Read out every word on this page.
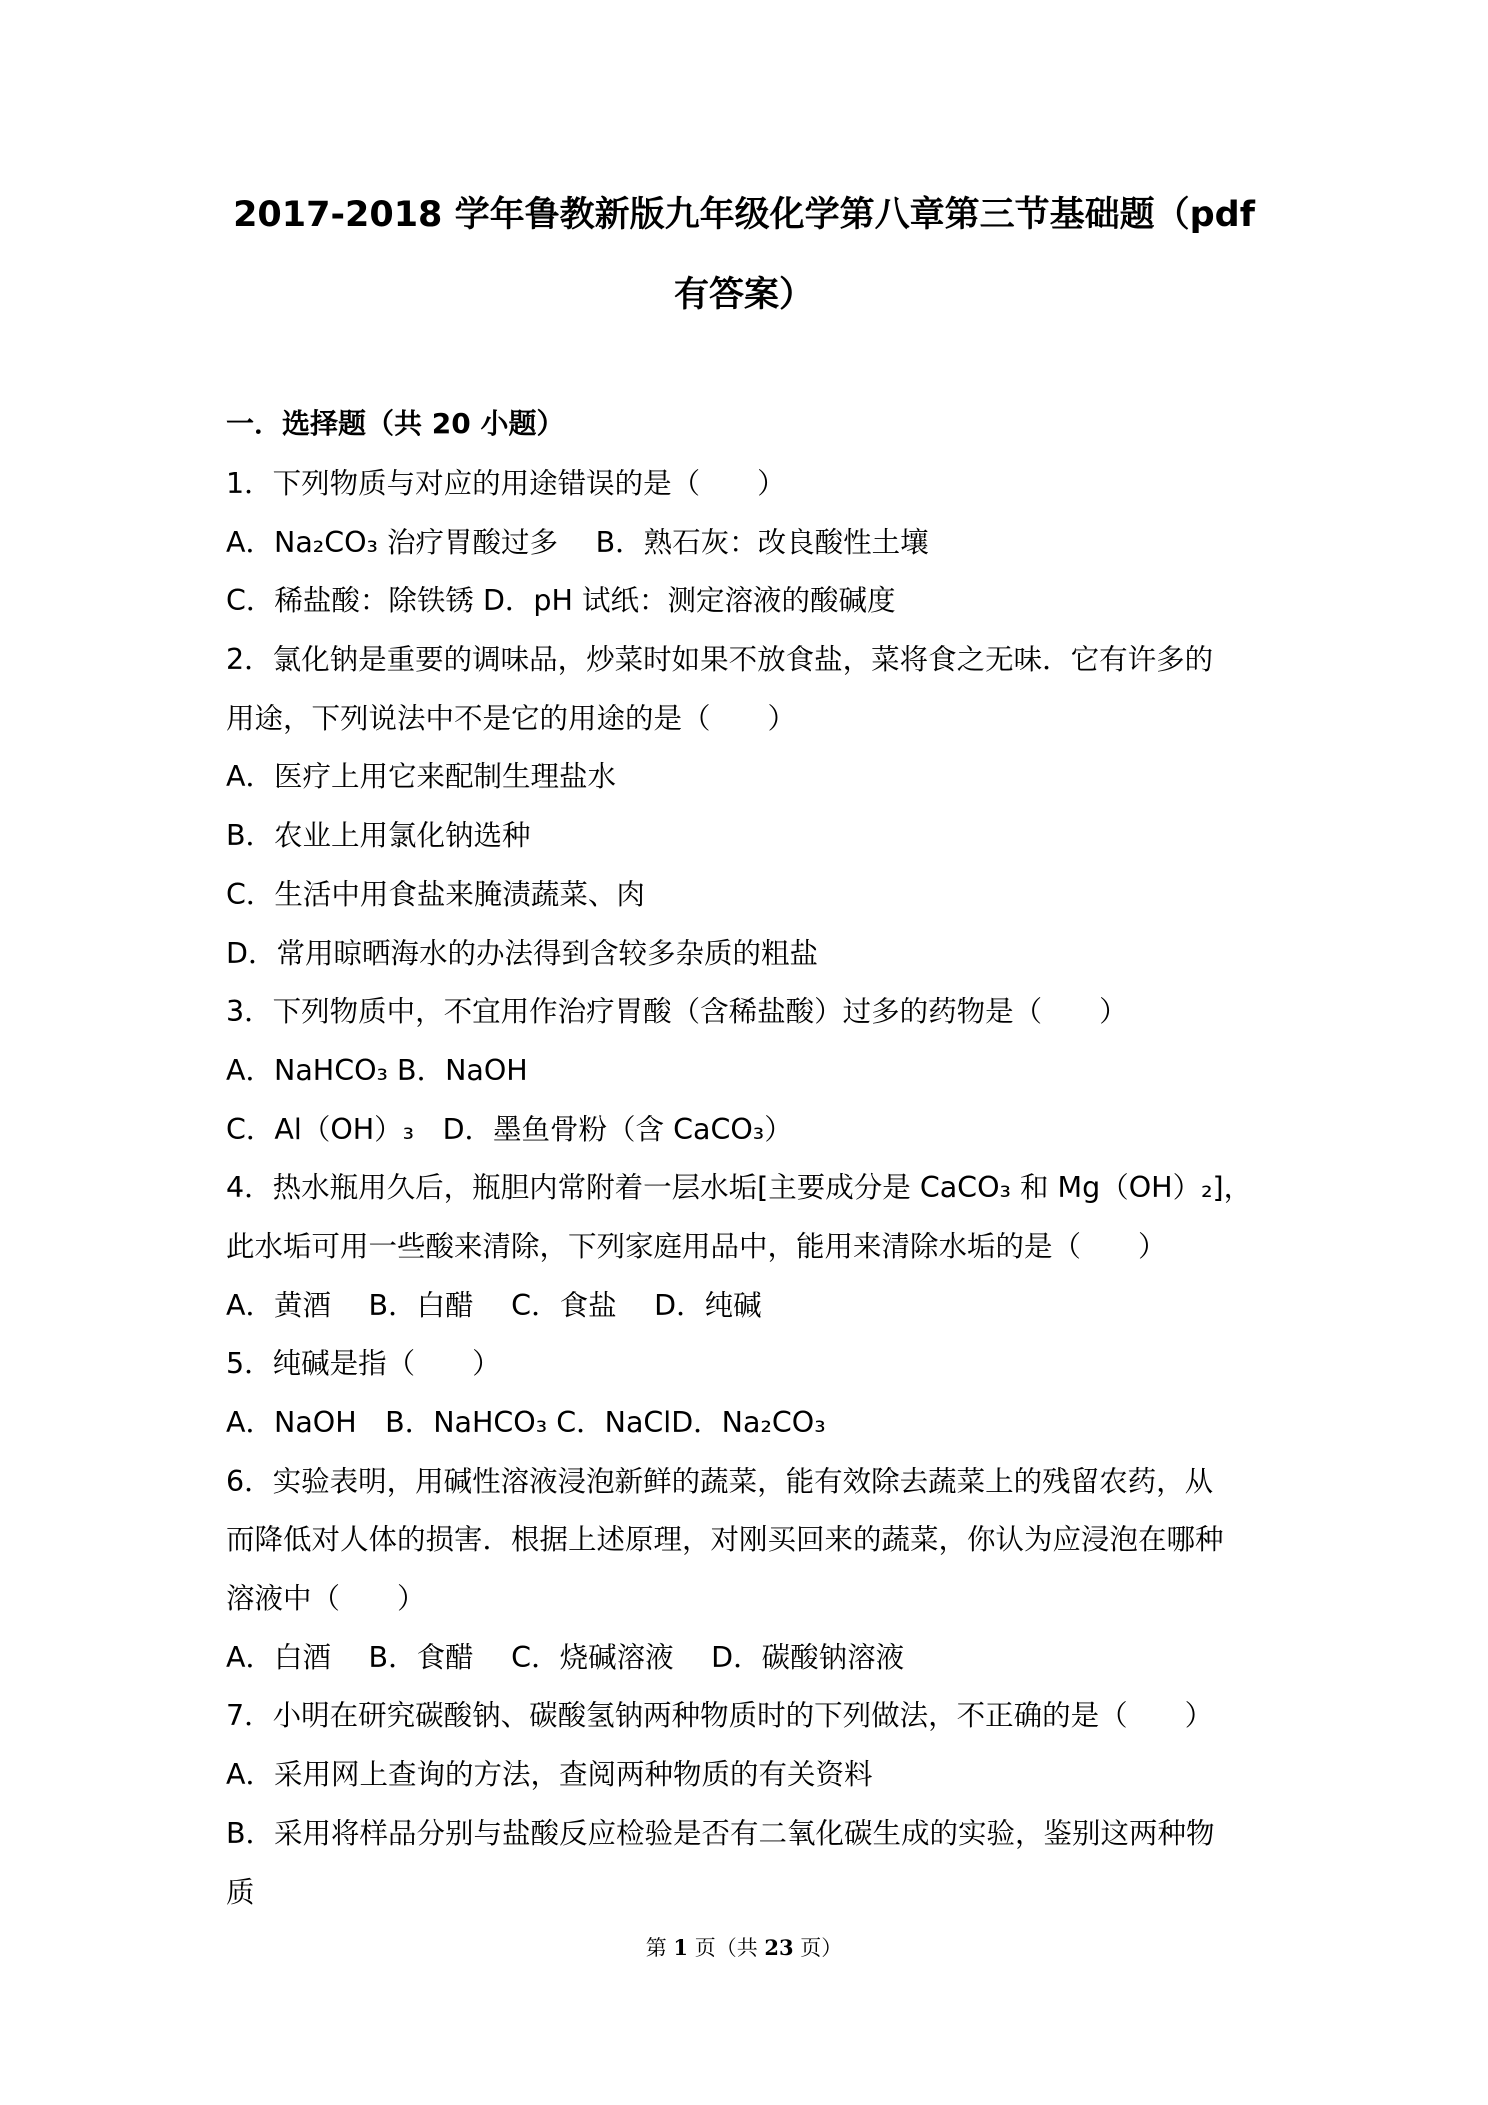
2017-2018 学年鲁教新版九年级化学第八章第三节基础题（pdf
有答案）
一．选择题（共 20 小题）
1．下列物质与对应的用途错误的是（　　）
A．Na₂CO₃ 治疗胃酸过多　 B．熟石灰：改良酸性土壤
C．稀盐酸：除铁锈 D．pH 试纸：测定溶液的酸碱度
2．氯化钠是重要的调味品，炒菜时如果不放食盐，菜将食之无味．它有许多的
用途，下列说法中不是它的用途的是（　　）
A．医疗上用它来配制生理盐水
B．农业上用氯化钠选种
C．生活中用食盐来腌渍蔬菜、肉
D．常用晾晒海水的办法得到含较多杂质的粗盐
3．下列物质中，不宜用作治疗胃酸（含稀盐酸）过多的药物是（　　）
A．NaHCO₃ B．NaOH
C．Al（OH）₃　D．墨鱼骨粉（含 CaCO₃）
4．热水瓶用久后，瓶胆内常附着一层水垢[主要成分是 CaCO₃ 和 Mg（OH）₂]，
此水垢可用一些酸来清除，下列家庭用品中，能用来清除水垢的是（　　）
A．黄酒　 B．白醋　 C．食盐　 D．纯碱
5．纯碱是指（　　）
A．NaOH　B．NaHCO₃ C．NaClD．Na₂CO₃
6．实验表明，用碱性溶液浸泡新鲜的蔬菜，能有效除去蔬菜上的残留农药，从
而降低对人体的损害．根据上述原理，对刚买回来的蔬菜，你认为应浸泡在哪种
溶液中（　　）
A．白酒　 B．食醋　 C．烧碱溶液　 D．碳酸钠溶液
7．小明在研究碳酸钠、碳酸氢钠两种物质时的下列做法，不正确的是（　　）
A．采用网上查询的方法，查阅两种物质的有关资料
B．采用将样品分别与盐酸反应检验是否有二氧化碳生成的实验，鉴别这两种物
质
第 1 页（共 23 页）
